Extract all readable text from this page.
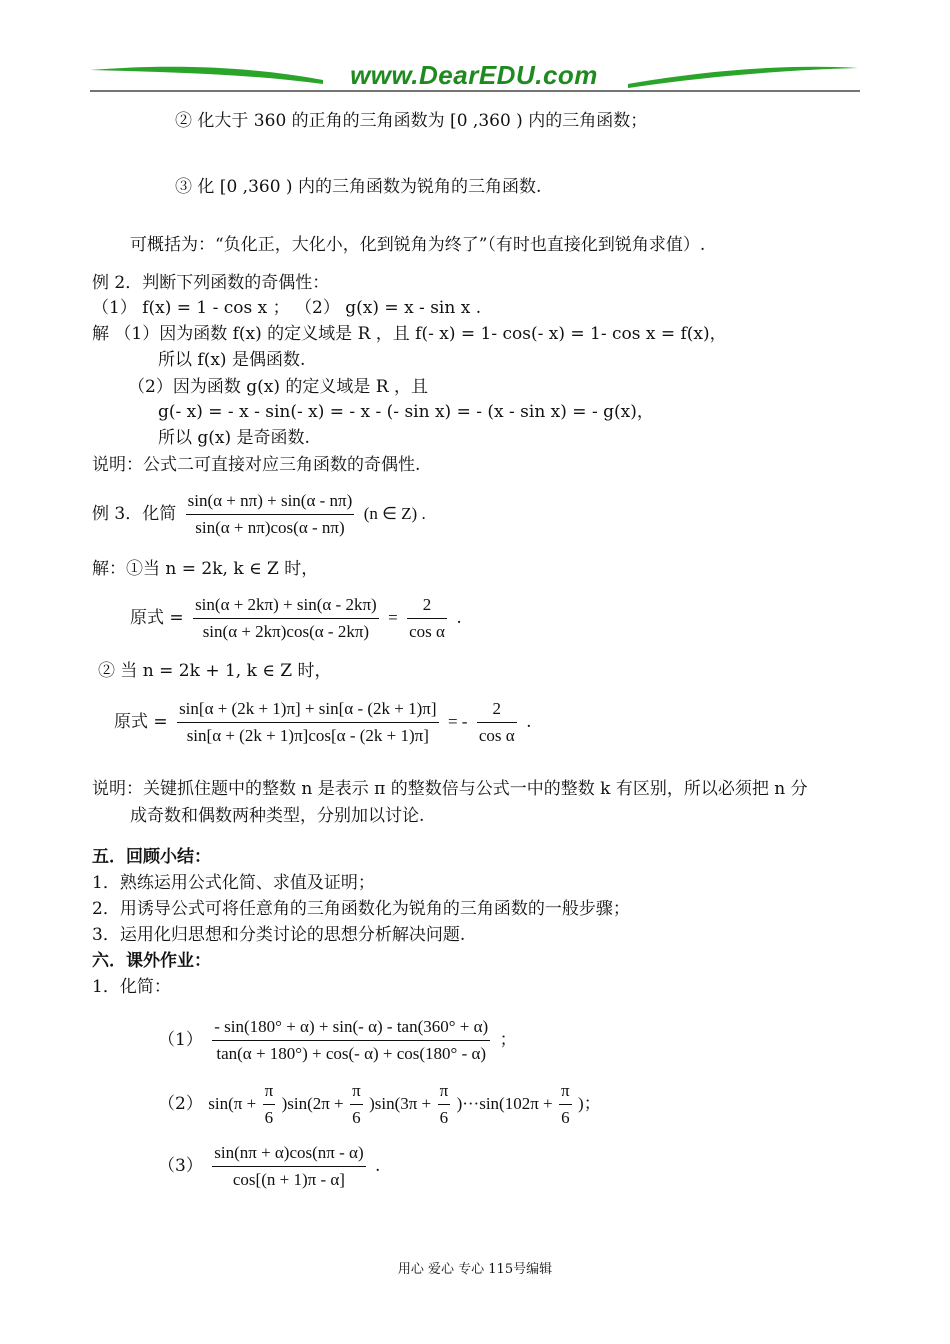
www.DearEDU.com
② 化大于 360 的正角的三角函数为 [0 ,360 ) 内的三角函数；
③ 化 [0 ,360 ) 内的三角函数为锐角的三角函数.
可概括为：“负化正，大化小，化到锐角为终了”（有时也直接化到锐角求值）.
例 2．判断下列函数的奇偶性：
（1） f(x) = 1 - cos x ； （2） g(x) = x - sin x .
解 （1）因为函数 f(x) 的定义域是 R ，且 f(- x) = 1- cos(- x) = 1- cos x = f(x)，
所以 f(x) 是偶函数.
（2）因为函数 g(x) 的定义域是 R ，且
g(- x) = - x - sin(- x) = - x - (- sin x) = - (x - sin x) = - g(x)，
所以 g(x) 是奇函数.
说明：公式二可直接对应三角函数的奇偶性.
例 3．化简 $\frac{\sin(\alpha + n\pi) + \sin(\alpha - n\pi)}{\sin(\alpha + n\pi)\cos(\alpha - n\pi)} (n$ ∈ Z) .
解：①当 n = 2k, k ∈ Z 时，
原式 = $\frac{\sin(\alpha + 2k\pi) + \sin(\alpha - 2k\pi)}{\sin(\alpha + 2k\pi)\cos(\alpha - 2k\pi)} = \frac{2}{\text{cos α}}$ .
② 当 n = 2k + 1, k ∈ Z 时，
原式 = $\frac{\sin[\alpha + (2k + 1)\pi] + \sin[\alpha - (2k + 1)\pi]}{\sin[\alpha + (2k + 1)\pi]\cos[\alpha - (2k + 1)\pi]}$ = - $\frac{2}{\text{cos α}}$ .
说明：关键抓住题中的整数 n 是表示 π 的整数倍与公式一中的整数 k 有区别，所以必须把 n 分
成奇数和偶数两种类型，分别加以讨论.
五．回顾小结：
1．熟练运用公式化简、求值及证明；
2．用诱导公式可将任意角的三角函数化为锐角的三角函数的一般步骤；
3．运用化归思想和分类讨论的思想分析解决问题.
六．课外作业：
1．化简：
$(1) \frac{- \sin(180^\circ + \alpha) + \sin(- \alpha) - \tan(360^\circ + \alpha)}{\tan(\alpha + 180^\circ) + \cos(- \alpha) + \cos(180^\circ - \alpha)}$ ；
（2） $\sin(\pi + \frac{\pi}{6} )\sin(2\pi + \frac{\pi}{6} )\sin(3\pi + \frac{\pi}{6} )\cdot\cdot\cdot\sin(102\pi + \frac{\pi}{6}$ )；
$(3) \frac{\sin(n\pi + \alpha)\cos(n\pi - \alpha)}{\cos[(n + 1)\pi - \alpha]}$ .
用心 爱心 专心 115号编辑
